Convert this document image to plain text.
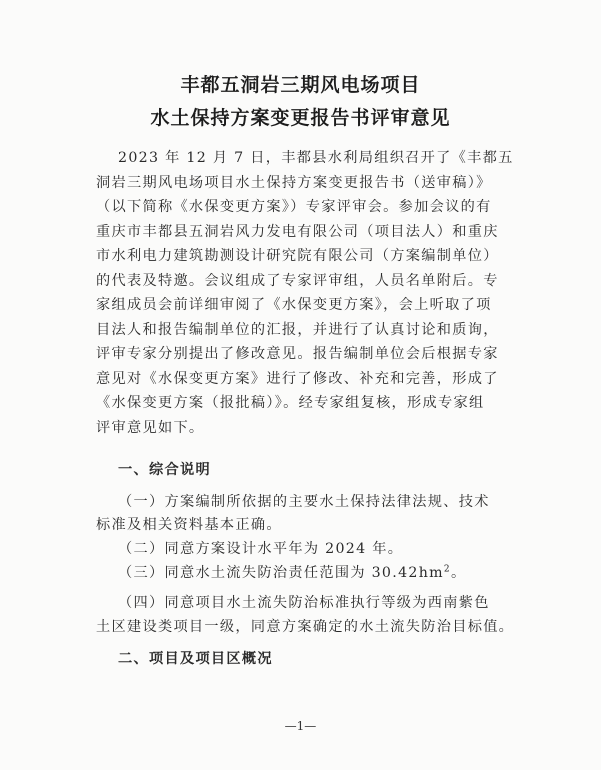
丰都五洞岩三期风电场项目
水土保持方案变更报告书评审意见
2023 年 12 月 7 日，丰都县水利局组织召开了《丰都五
洞岩三期风电场项目水土保持方案变更报告书（送审稿）》
（以下简称《水保变更方案》）专家评审会。参加会议的有
重庆市丰都县五洞岩风力发电有限公司（项目法人）和重庆
市水利电力建筑勘测设计研究院有限公司（方案编制单位）
的代表及特邀。会议组成了专家评审组，人员名单附后。专
家组成员会前详细审阅了《水保变更方案》，会上听取了项
目法人和报告编制单位的汇报，并进行了认真讨论和质询，
评审专家分别提出了修改意见。报告编制单位会后根据专家
意见对《水保变更方案》进行了修改、补充和完善，形成了
《水保变更方案（报批稿）》。经专家组复核，形成专家组
评审意见如下。
一、综合说明
（一）方案编制所依据的主要水土保持法律法规、技术
标准及相关资料基本正确。
（二）同意方案设计水平年为 2024 年。
（三）同意水土流失防治责任范围为 $30.42hm^2$。
（四）同意项目水土流失防治标准执行等级为西南紫色
—1—
土区建设类项目一级，同意方案确定的水土流失防治目标值。
二、项目及项目区概况
